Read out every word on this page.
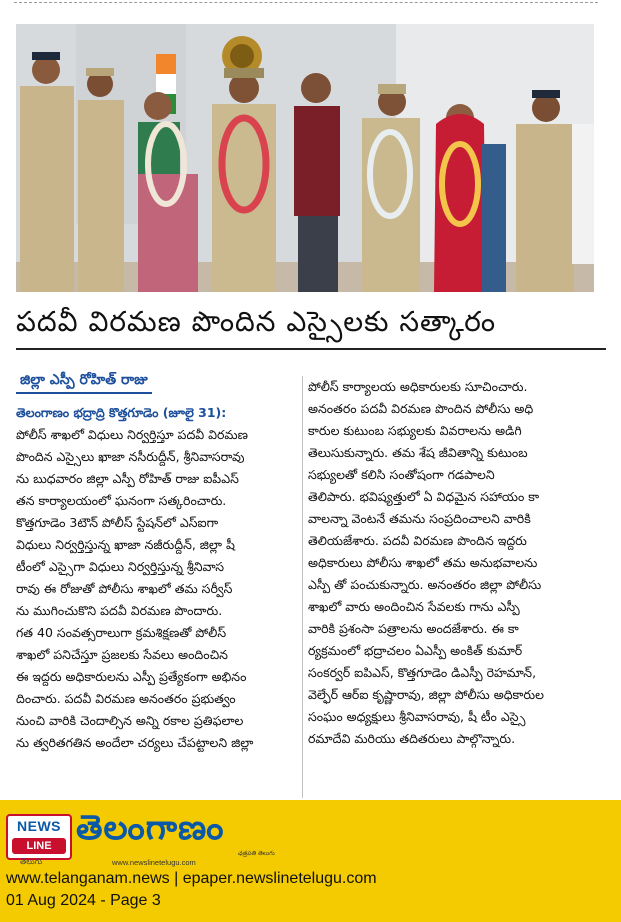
పదవీ విరమణ పొందిన ఎస్సైలకు సత్కారం
జిల్లా ఎస్పీ రోహిత్ రాజు
తెలంగాణం భద్రాద్రి కొత్తగూడెం (జూలై 31):
పోలీస్ శాఖలో విధులు నిర్వర్తిస్తూ పదవీ విరమణ
పొందిన ఎస్సైలు ఖాజా నసీరుద్దీన్, శ్రీనివాసరావు
ను బుధవారం జిల్లా ఎస్పీ రోహిత్ రాజు ఐపీఎస్
తన కార్యాలయంలో ఘనంగా సత్కరించారు.
కొత్తగూడెం 3టౌన్ పోలీస్ స్టేషన్‌లో ఎస్ఐగా
విధులు నిర్వర్తిస్తున్న ఖాజా నజీరుద్దీన్, జిల్లా షీ
టీంలో ఎస్సైగా విధులు నిర్వర్తిస్తున్న శ్రీనివాస
రావు ఈ రోజుతో పోలీసు శాఖలో తమ సర్వీస్
ను ముగించుకొని పదవీ విరమణ పొందారు.
గత 40 సంవత్సరాలుగా క్రమశిక్షణతో పోలీస్
శాఖలో పనిచేస్తూ ప్రజలకు సేవలు అందించిన
ఈ ఇద్దరు అధికారులను ఎస్పీ ప్రత్యేకంగా అభినం
దించారు. పదవీ విరమణ అనంతరం ప్రభుత్వం
నుంచి వారికి చెందాల్సిన అన్ని రకాల ప్రతిఫలాల
ను త్వరితగతిన అందేలా చర్యలు చేపట్టాలని జిల్లా
పోలీస్ కార్యాలయ అధికారులకు సూచించారు.
అనంతరం పదవీ విరమణ పొందిన పోలీసు అధి
కారుల కుటుంబ సభ్యులకు వివరాలను అడిగి
తెలుసుకున్నారు. తమ శేష జీవితాన్ని కుటుంబ
సభ్యులతో కలిసి సంతోషంగా గడపాలని
తెలిపారు. భవిష్యత్తులో ఏ విధమైన సహాయం కా
వాలన్నా వెంటనే తమను సంప్రదించాలని వారికి
తెలియజేశారు. పదవీ విరమణ పొందిన ఇద్దరు
అధికారులు పోలీసు శాఖలో తమ అనుభవాలను
ఎస్పీ తో పంచుకున్నారు. అనంతరం జిల్లా పోలీసు
శాఖలో వారు అందించిన సేవలకు గాను ఎస్పీ
వారికి ప్రశంసా పత్రాలను అందజేశారు. ఈ కా
ర్యక్రమంలో భద్రాచలం ఏఎస్పీ అంకిత్ కుమార్
సంకర్వర్ ఐపిఎస్, కొత్తగూడెం డిఎస్పీ రెహమాన్,
వెల్ఫేర్ ఆర్ఐ కృష్ణారావు, జిల్లా పోలీసు అధికారుల
సంఘం అధ్యక్షులు శ్రీనివాసరావు, షీ టీం ఎస్సై
రమాదేవి మరియు తదితరులు పాల్గొన్నారు.
NEWS
LINE
తెలుగు
తెలంగాణం
ఛత్రపతి తెలుగు
www.newslinetelugu.com
www.telanganam.news | epaper.newslinetelugu.com
01 Aug 2024 - Page 3
